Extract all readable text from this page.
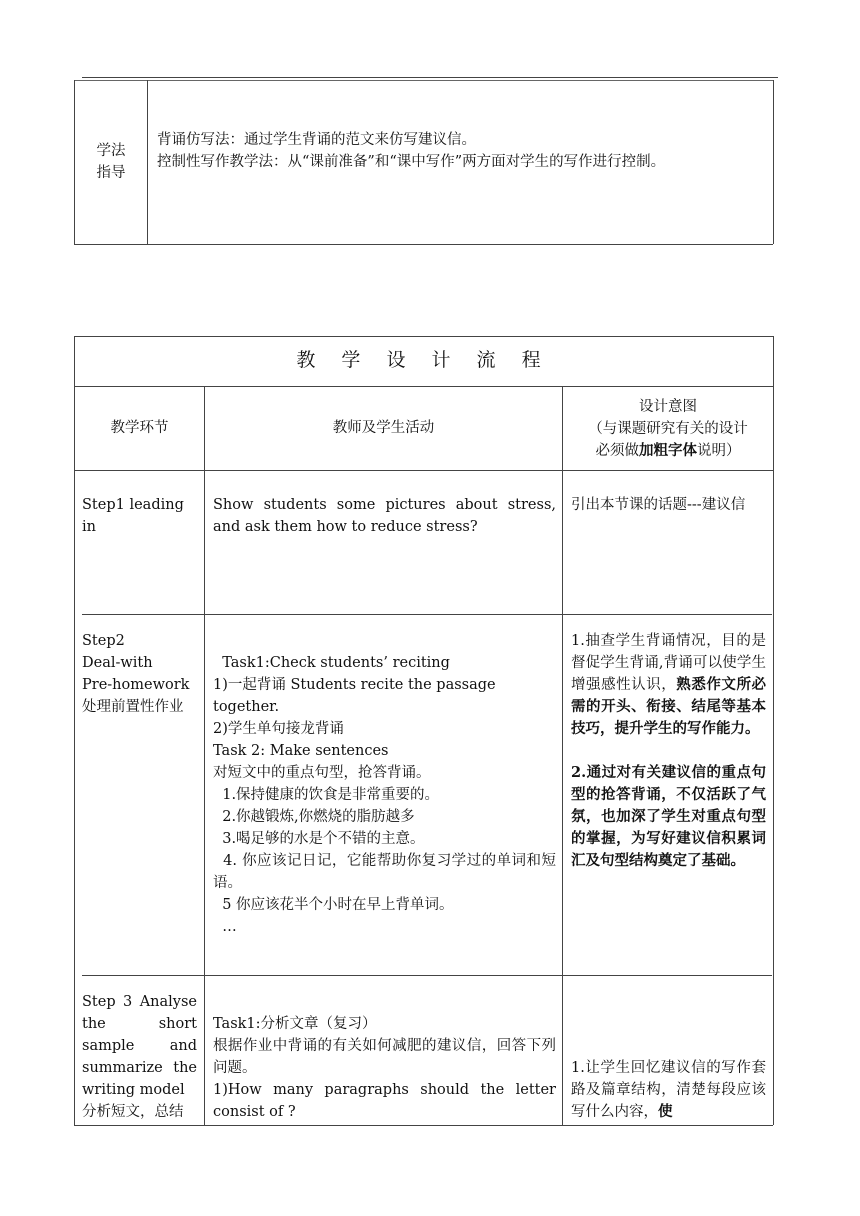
学法
指导
背诵仿写法：通过学生背诵的范文来仿写建议信。
控制性写作教学法：从“课前准备”和“课中写作”两方面对学生的写作进行控制。
教 学 设 计 流 程
教学环节	教师及学生活动
设计意图
（与课题研究有关的设计
必须做加粗字体说明）
Step1 leading in
Show students some pictures about stress, and ask them how to reduce stress?
引出本节课的话题---建议信
Step2
Deal-with
Pre-homework
处理前置性作业
Task1:Check students’ reciting
1)一起背诵 Students recite the passage together.
2)学生单句接龙背诵
Task 2: Make sentences
对短文中的重点句型，抢答背诵。
1.保持健康的饮食是非常重要的。
2.你越锻炼,你燃烧的脂肪越多
3.喝足够的水是个不错的主意。
4. 你应该记日记，它能帮助你复习学过的单词和短语。
5 你应该花半个小时在早上背单词。
…
1.抽查学生背诵情况，目的是督促学生背诵,背诵可以使学生增强感性认识，熟悉作文所必需的开头、衔接、结尾等基本技巧，提升学生的写作能力。
2.通过对有关建议信的重点句型的抢答背诵，不仅活跃了气氛，也加深了学生对重点句型的掌握，为写好建议信积累词汇及句型结构奠定了基础。
Step 3 Analyse the short sample and summarize the writing model
分析短文，总结
Task1:分析文章（复习）
根据作业中背诵的有关如何减肥的建议信，回答下列问题。
1)How many paragraphs should the letter consist of ?
1.让学生回忆建议信的写作套路及篇章结构，清楚每段应该写什么内容，使
